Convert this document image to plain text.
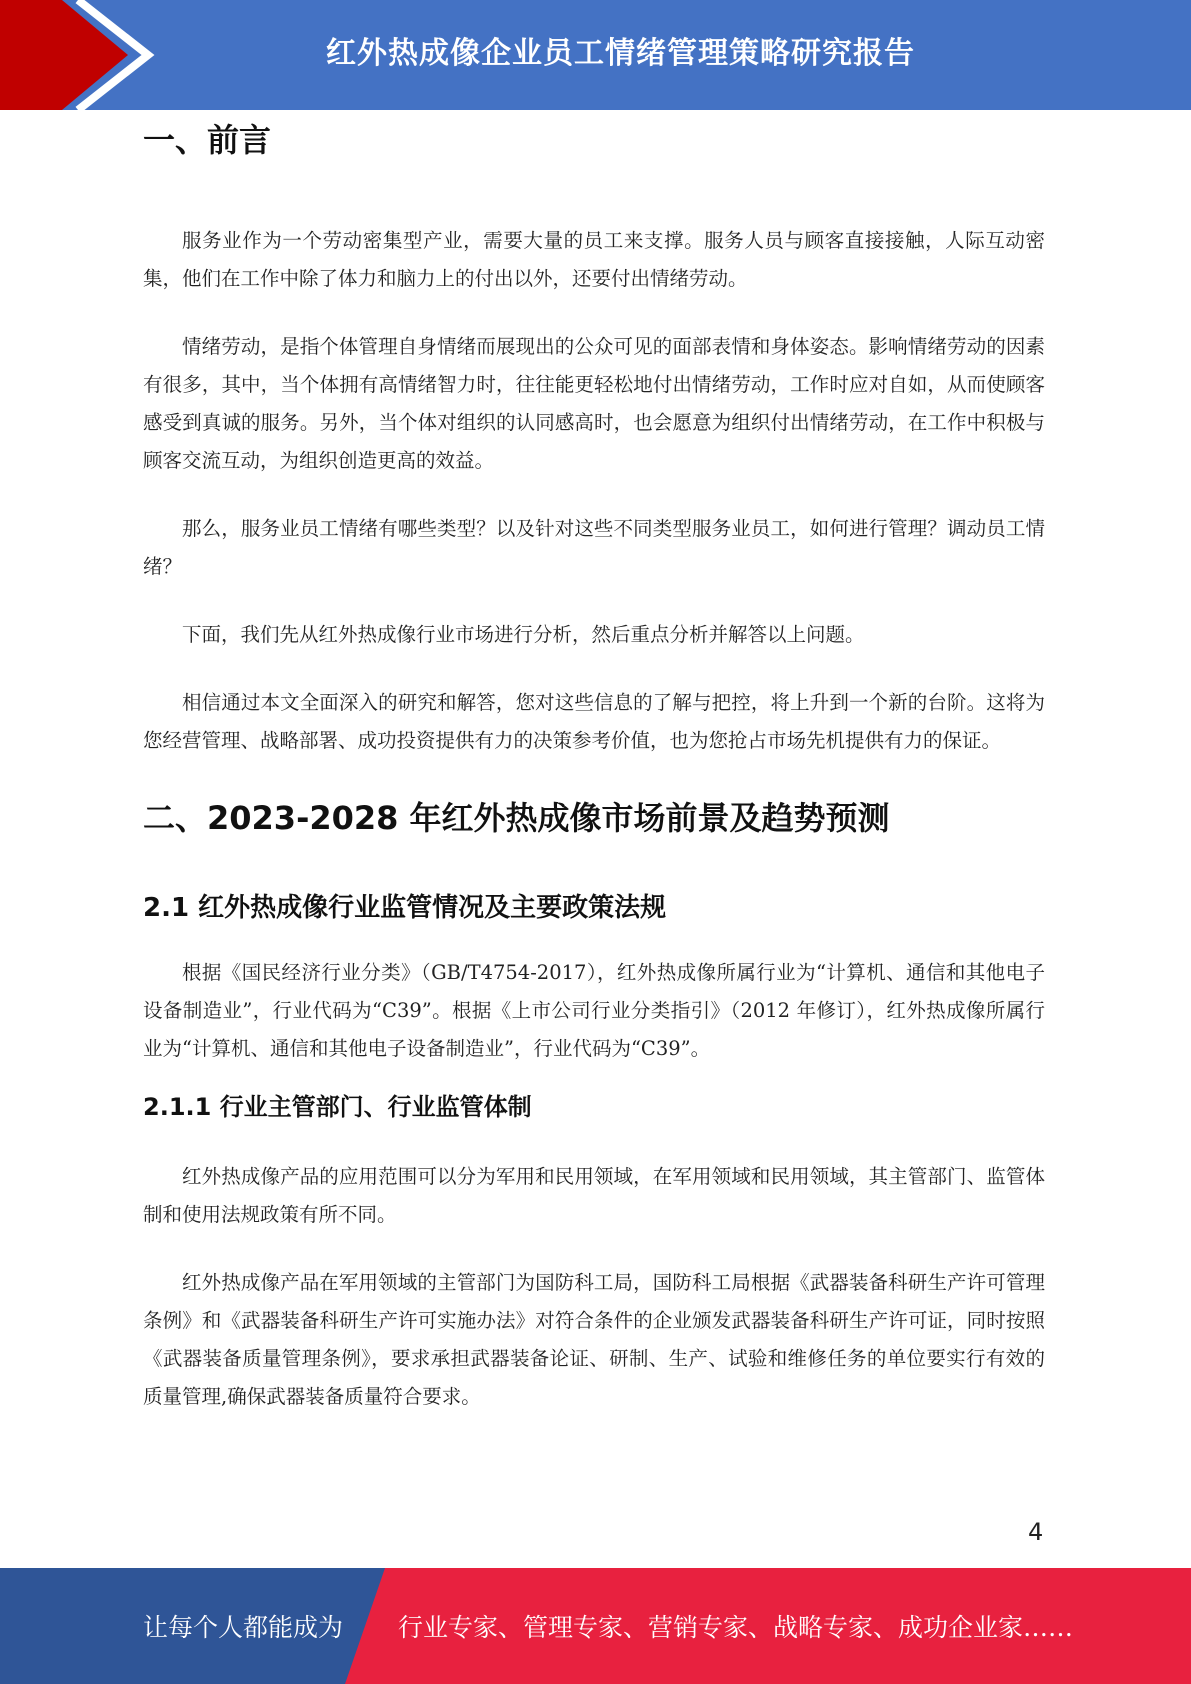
红外热成像企业员工情绪管理策略研究报告
一、前言

服务业作为一个劳动密集型产业，需要大量的员工来支撑。服务人员与顾客直接接触，人际互动密集，他们在工作中除了体力和脑力上的付出以外，还要付出情绪劳动。

情绪劳动，是指个体管理自身情绪而展现出的公众可见的面部表情和身体姿态。影响情绪劳动的因素有很多，其中，当个体拥有高情绪智力时，往往能更轻松地付出情绪劳动，工作时应对自如，从而使顾客感受到真诚的服务。另外，当个体对组织的认同感高时，也会愿意为组织付出情绪劳动，在工作中积极与顾客交流互动，为组织创造更高的效益。

那么，服务业员工情绪有哪些类型？以及针对这些不同类型服务业员工，如何进行管理？调动员工情绪？

下面，我们先从红外热成像行业市场进行分析，然后重点分析并解答以上问题。

相信通过本文全面深入的研究和解答，您对这些信息的了解与把控，将上升到一个新的台阶。这将为您经营管理、战略部署、成功投资提供有力的决策参考价值，也为您抢占市场先机提供有力的保证。

二、2023-2028 年红外热成像市场前景及趋势预测
2.1 红外热成像行业监管情况及主要政策法规

根据《国民经济行业分类》（GB/T4754-2017），红外热成像所属行业为“计算机、通信和其他电子设备制造业”，行业代码为“C39”。根据《上市公司行业分类指引》（2012 年修订），红外热成像所属行业为“计算机、通信和其他电子设备制造业”，行业代码为“C39”。

2.1.1 行业主管部门、行业监管体制

红外热成像产品的应用范围可以分为军用和民用领域，在军用领域和民用领域，其主管部门、监管体制和使用法规政策有所不同。

红外热成像产品在军用领域的主管部门为国防科工局，国防科工局根据《武器装备科研生产许可管理条例》和《武器装备科研生产许可实施办法》对符合条件的企业颁发武器装备科研生产许可证，同时按照《武器装备质量管理条例》，要求承担武器装备论证、研制、生产、试验和维修任务的单位要实行有效的质量管理,确保武器装备质量符合要求。

4
让每个人都能成为 行业专家、管理专家、营销专家、战略专家、成功企业家……
